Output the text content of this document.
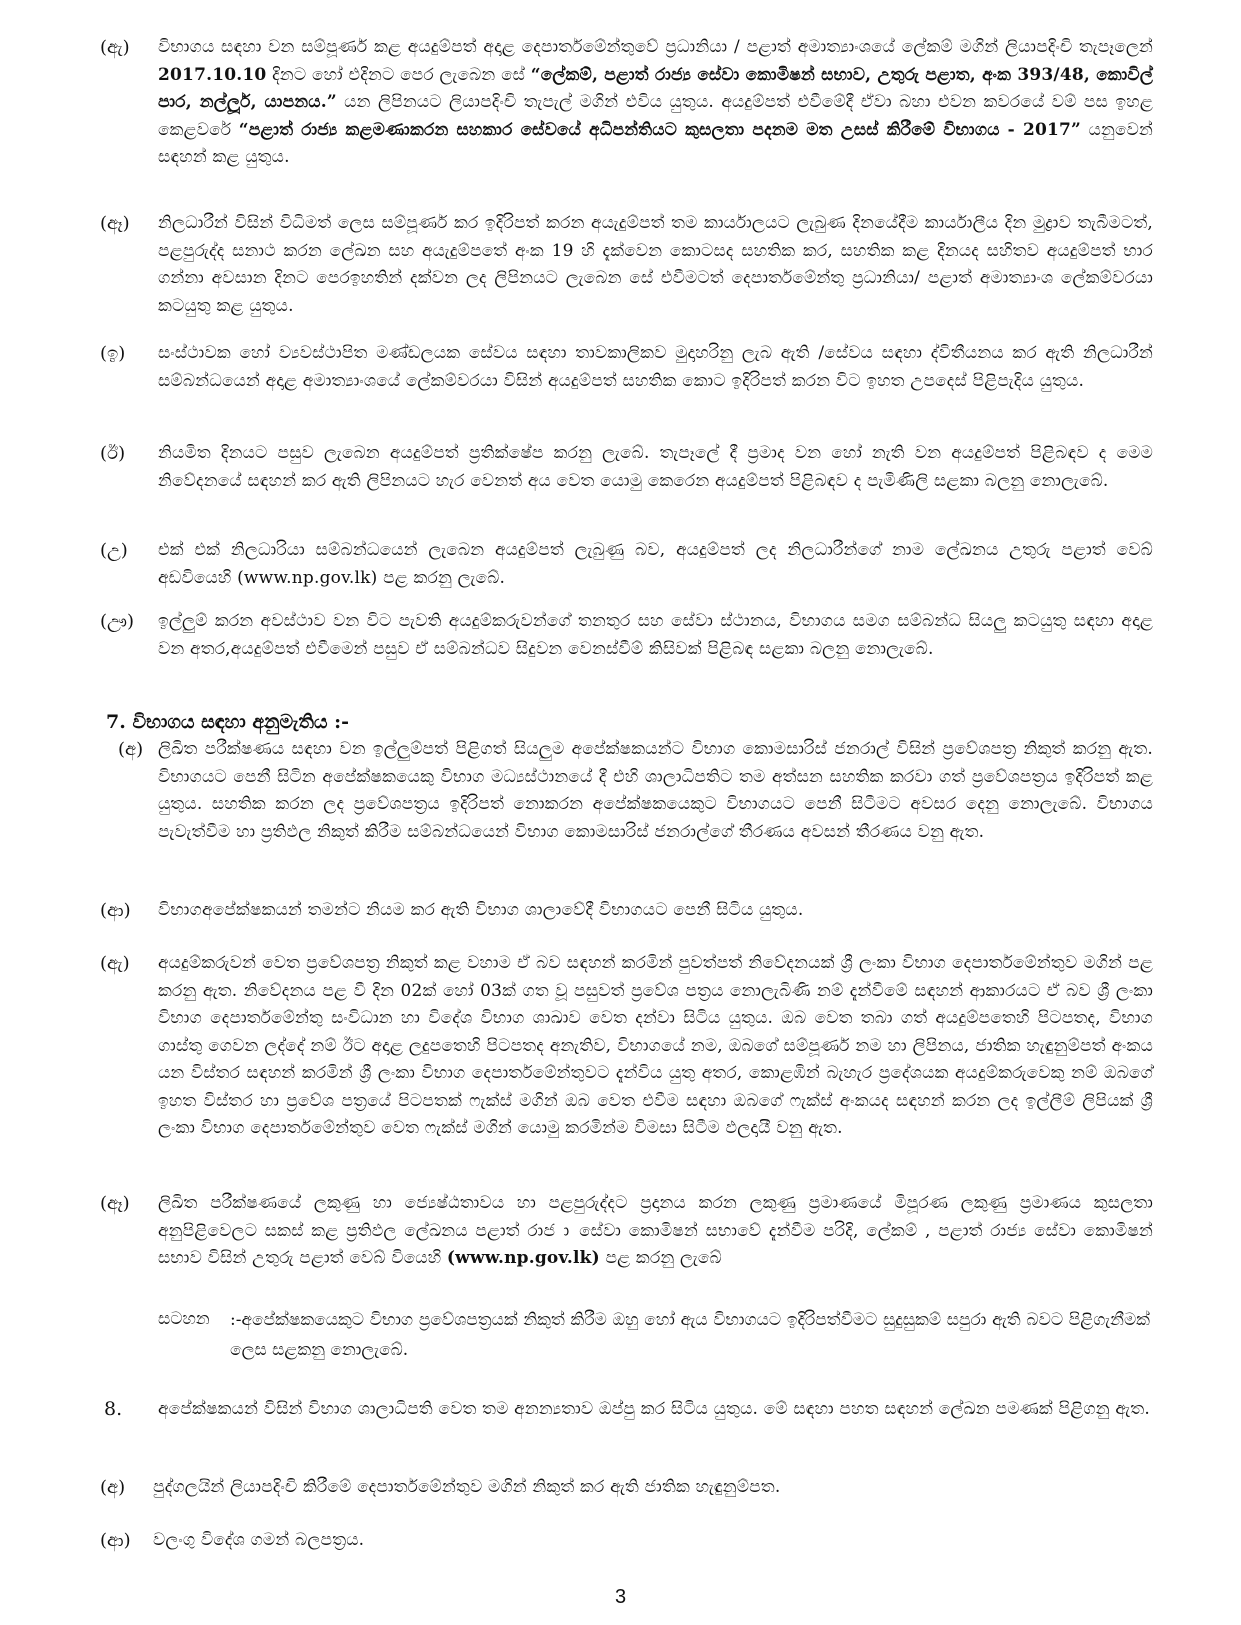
(ඇ) විභාගය සඳහා වන සම්පූර්ණ කළ අයදුම්පත් අදාළ දෙපාර්තමේන්තුවේ ප්‍රධානියා / පළාත් අමාත්‍යාංශයේ ලේකම් මගින් ලියාපදිංචි තැපෑලෙන් 2017.10.10 දිනට හෝ එදිනට පෙර ලැබෙන සේ “ලේකම්, පළාත් රාජ්‍ය සේවා කොමිෂන් සභාව, උතුරු පළාත, අංක 393/48, කොවිල් පාර, නල්ලූර්, යාපනය.” යන ලිපිනයට ලියාපදිංචි තැපැල් මගින් එවිය යුතුය. අයදුම්පත් එවීමේදී ඒවා බහා එවන කවරයේ වම් පස ඉහළ කෙළවරේ “පළාත් රාජ්‍ය කළමණාකරන සහකාර සේවයේ අධිපන්තියට කුසලතා පදනම මත උසස් කිරීමේ විභාගය - 2017” යනුවෙන් සඳහන් කළ යුතුය.
(ඈ) නිලධාරීන් විසින් විධිමත් ලෙස සම්පූර්ණ කර ඉදිරිපත් කරන අයැදුම්පත් තම කාර්යාලයට ලැබුණ දිනයේදීම කාර්යාලීය දින මුද්‍රාව තැබීමටත්, පළපුරුද්ද සනාථ කරන ලේඛන සහ අයැදුම්පතේ අංක 19 හි දැක්වෙන කොටසද සහතික කර, සහතික කළ දිනයද සහිතව අයදුම්පත් භාර ගන්නා අවසාන දිනට පෙරඉහතින් දක්වන ලද ලිපිනයට ලැබෙන සේ එවීමටත් දෙපාර්තමේන්තු ප්‍රධානියා/ පළාත් අමාත්‍යාංශ ලේකම්වරයා කටයුතු කළ යුතුය.
(ඉ) සංස්ථාවක හෝ ව්‍යවස්ථාපිත මණ්ඩලයක සේවය සඳහා තාවකාලිකව මුදාහරිනු ලැබ ඇති /සේවය සඳහා ද්විතීයනය කර ඇති නිලධාරීන් සම්බන්ධයෙන් අදාළ අමාත්‍යාංශයේ ලේකම්වරයා විසින් අයදුම්පත් සහතික කොට ඉදිරිපත් කරන විට ඉහත උපදෙස් පිළිපැදිය යුතුය.
(ඊ) නියමිත දිනයට පසුව ලැබෙන අයදුම්පත් ප්‍රතික්ෂේප කරනු ලැබේ. තැපෑලේ දී ප්‍රමාද වන හෝ නැති වන අයදුම්පත් පිළිබඳව ද මෙම නිවේදනයේ සඳහන් කර ඇති ලිපිනයට හැර වෙනත් අය වෙත යොමු කෙරෙන අයදුම්පත් පිළිබඳව ද පැමිණිලි සළකා බලනු නොලැබේ.
(උ) එක් එක් නිලධාරියා සම්බන්ධයෙන් ලැබෙන අයදුම්පත් ලැබුණු බව, අයදුම්පත් ලද නිලධාරීන්ගේ නාම ලේඛනය උතුරු පළාත් වෙබ් අඩවියෙහි (www.np.gov.lk) පළ කරනු ලැබේ.
(ඌ) ඉල්ලුම් කරන අවස්ථාව වන විට පැවති අයදුම්කරුවන්ගේ තනතුර සහ සේවා ස්ථානය, විභාගය සමග සම්බන්ධ සියලු කටයුතු සඳහා අදාළ වන අතර,අයදුම්පත් එවීමෙන් පසුව ඒ සම්බන්ධව සිදුවන වෙනස්වීම් කිසිවක් පිළිබඳ සළකා බලනු නොලැබේ.
7. විභාගය සඳහා අනුමැතිය :-
(අ) ලිඛිත පරීක්ෂණය සඳහා වන ඉල්ලුම්පත් පිළිගත් සියලුම අපේක්ෂකයන්ට විභාග කොමසාරිස් ජනරාල් විසින් ප්‍රවේශපත්‍ර නිකුත් කරනු ඇත. විභාගයට පෙනී සිටින අපේක්ෂකයෙකු විභාග මධ්‍යස්ථානයේ දී එහි ශාලාධිපතිට තම අත්සන සහතික කරවා ගත් ප්‍රවේශපත්‍රය ඉදිරිපත් කළ යුතුය. සහතික කරන ලද ප්‍රවේශපත්‍රය ඉදිරිපත් නොකරන අපේක්ෂකයෙකුට විභාගයට පෙනී සිටීමට අවසර දෙනු නොලැබේ. විභාගය පැවැත්වීම හා ප්‍රතිඵල නිකුත් කිරීම සම්බන්ධයෙන් විභාග කොමසාරිස් ජනරාල්ගේ තීරණය අවසන් තීරණය වනු ඇත.
(ආ) විභාගඅපේක්ෂකයන් තමන්ට නියම කර ඇති විභාග ශාලාවේදී විභාගයට පෙනී සිටිය යුතුය.
(ඇ) අයදුම්කරුවන් වෙත ප්‍රවේශපත්‍ර නිකුත් කළ වහාම ඒ බව සඳහන් කරමින් පුවත්පත් නිවේදනයක් ශ්‍රී ලංකා විභාග දෙපාර්තමේන්තුව මගින් පළ කරනු ඇත. නිවේදනය පළ වී දින 02ක් හෝ 03ක් ගත වූ පසුවත් ප්‍රවේශ පත්‍රය නොලැබිණි නම් දැන්වීමේ සඳහන් ආකාරයට ඒ බව ශ්‍රී ලංකා විභාග දෙපාර්තමේන්තු සංවිධාන හා විදේශ විභාග ශාඛාව වෙත දන්වා සිටිය යුතුය. ඔබ වෙත තබා ගත් අයදුම්පතෙහි පිටපතද, විභාග ගාස්තු ගෙවන ලද්දේ නම් ඊට අදාළ ලදුපතෙහි පිටපතද අනැතිව, විභාගයේ නම, ඔබගේ සම්පූර්ණ නම හා ලිපිනය, ජාතික හැඳුනුම්පත් අංකය යන විස්තර සඳහන් කරමින් ශ්‍රී ලංකා විභාග දෙපාර්තමේන්තුවට දැන්විය යුතු අතර, කොළඹින් බැහැර ප්‍රදේශයක අයදුම්කරුවෙකු නම් ඔබගේ ඉහත විස්තර හා ප්‍රවේශ පත්‍රයේ පිටපතක් ෆැක්ස් මගින් ඔබ වෙත එවීම සඳහා ඔබගේ ෆැක්ස් අංකයද සඳහන් කරන ලද ඉල්ලීම් ලිපියක් ශ්‍රී ලංකා විභාග දෙපාර්තමේන්තුව වෙත ෆැක්ස් මගින් යොමු කරමින්ම විමසා සිටීම ඵලදායී වනු ඇත.
(ඈ) ලිඛිත පරීක්ෂණයේ ලකුණු හා ජ්‍යෙෂ්ඨතාවය හා පළපුරුද්දට ප්‍රදානය කරන ලකුණු ප්‍රමාණයේ මිපූරණ ලකුණු ප්‍රමාණය කුසලතා අනුපිළිවෙලට සකස් කළ ප්‍රතිඵල ලේඛනය පළාත් රාජ ා සේවා කොමිෂන් සභාවේ දැන්වීම පරිදි, ලේකම් , පළාත් රාජ්‍ය සේවා කොමිෂන් සභාව විසින් උතුරු පළාත් වෙබ් වියෙහි (www.np.gov.lk) පළ කරනු ලැබේ
සටහන :-අපේක්ෂකයෙකුට විභාග ප්‍රවේශපත්‍රයක් නිකුත් කිරීම ඔහු හෝ ඇය විභාගයට ඉදිරිපත්වීමට සුදුසුකම් සපුරා ඇති බවට පිළිගැනීමක් ලෙස සළකනු නොලැබේ.
8. අපේක්ෂකයන් විසින් විභාග ශාලාධිපති වෙත තම අනන්‍යතාව ඔප්පු කර සිටිය යුතුය. මේ සඳහා පහත සඳහන් ලේඛන පමණක් පිළිගනු ඇත.
(අ) පුද්ගලයින් ලියාපදිංචි කිරීමේ දෙපාර්තමේන්තුව මගින් නිකුත් කර ඇති ජාතික හැඳුනුම්පත.
(ආ) වලංගු විදේශ ගමන් බලපත්‍රය.
3
